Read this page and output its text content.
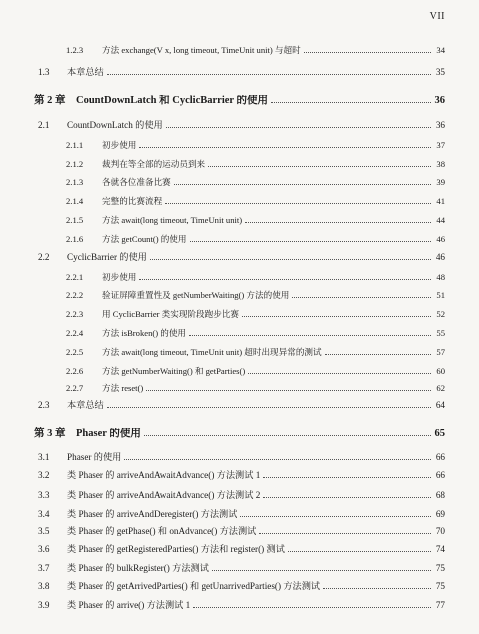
VII
1.2.3	方法 exchange(V x, long timeout, TimeUnit unit) 与超时	34
1.3	本章总结	35
第 2 章	CountDownLatch 和 CyclicBarrier 的使用	36
2.1	CountDownLatch 的使用	36
2.1.1	初步使用	37
2.1.2	裁判在等全部的运动员到来	38
2.1.3	各就各位准备比赛	39
2.1.4	完整的比赛流程	41
2.1.5	方法 await(long timeout, TimeUnit unit)	44
2.1.6	方法 getCount() 的使用	46
2.2	CyclicBarrier 的使用	46
2.2.1	初步使用	48
2.2.2	验证屏障重置性及 getNumberWaiting() 方法的使用	51
2.2.3	用 CyclicBarrier 类实现阶段跑步比赛	52
2.2.4	方法 isBroken() 的使用	55
2.2.5	方法 await(long timeout, TimeUnit unit) 超时出现异常的测试	57
2.2.6	方法 getNumberWaiting() 和 getParties()	60
2.2.7	方法 reset()	62
2.3	本章总结	64
第 3 章	Phaser 的使用	65
3.1	Phaser 的使用	66
3.2	类 Phaser 的 arriveAndAwaitAdvance() 方法测试 1	66
3.3	类 Phaser 的 arriveAndAwaitAdvance() 方法测试 2	68
3.4	类 Phaser 的 arriveAndDeregister() 方法测试	69
3.5	类 Phaser 的 getPhase() 和 onAdvance() 方法测试	70
3.6	类 Phaser 的 getRegisteredParties() 方法和 register() 测试	74
3.7	类 Phaser 的 bulkRegister() 方法测试	75
3.8	类 Phaser 的 getArrivedParties() 和 getUnarrivedParties() 方法测试	75
3.9	类 Phaser 的 arrive() 方法测试 1	77
